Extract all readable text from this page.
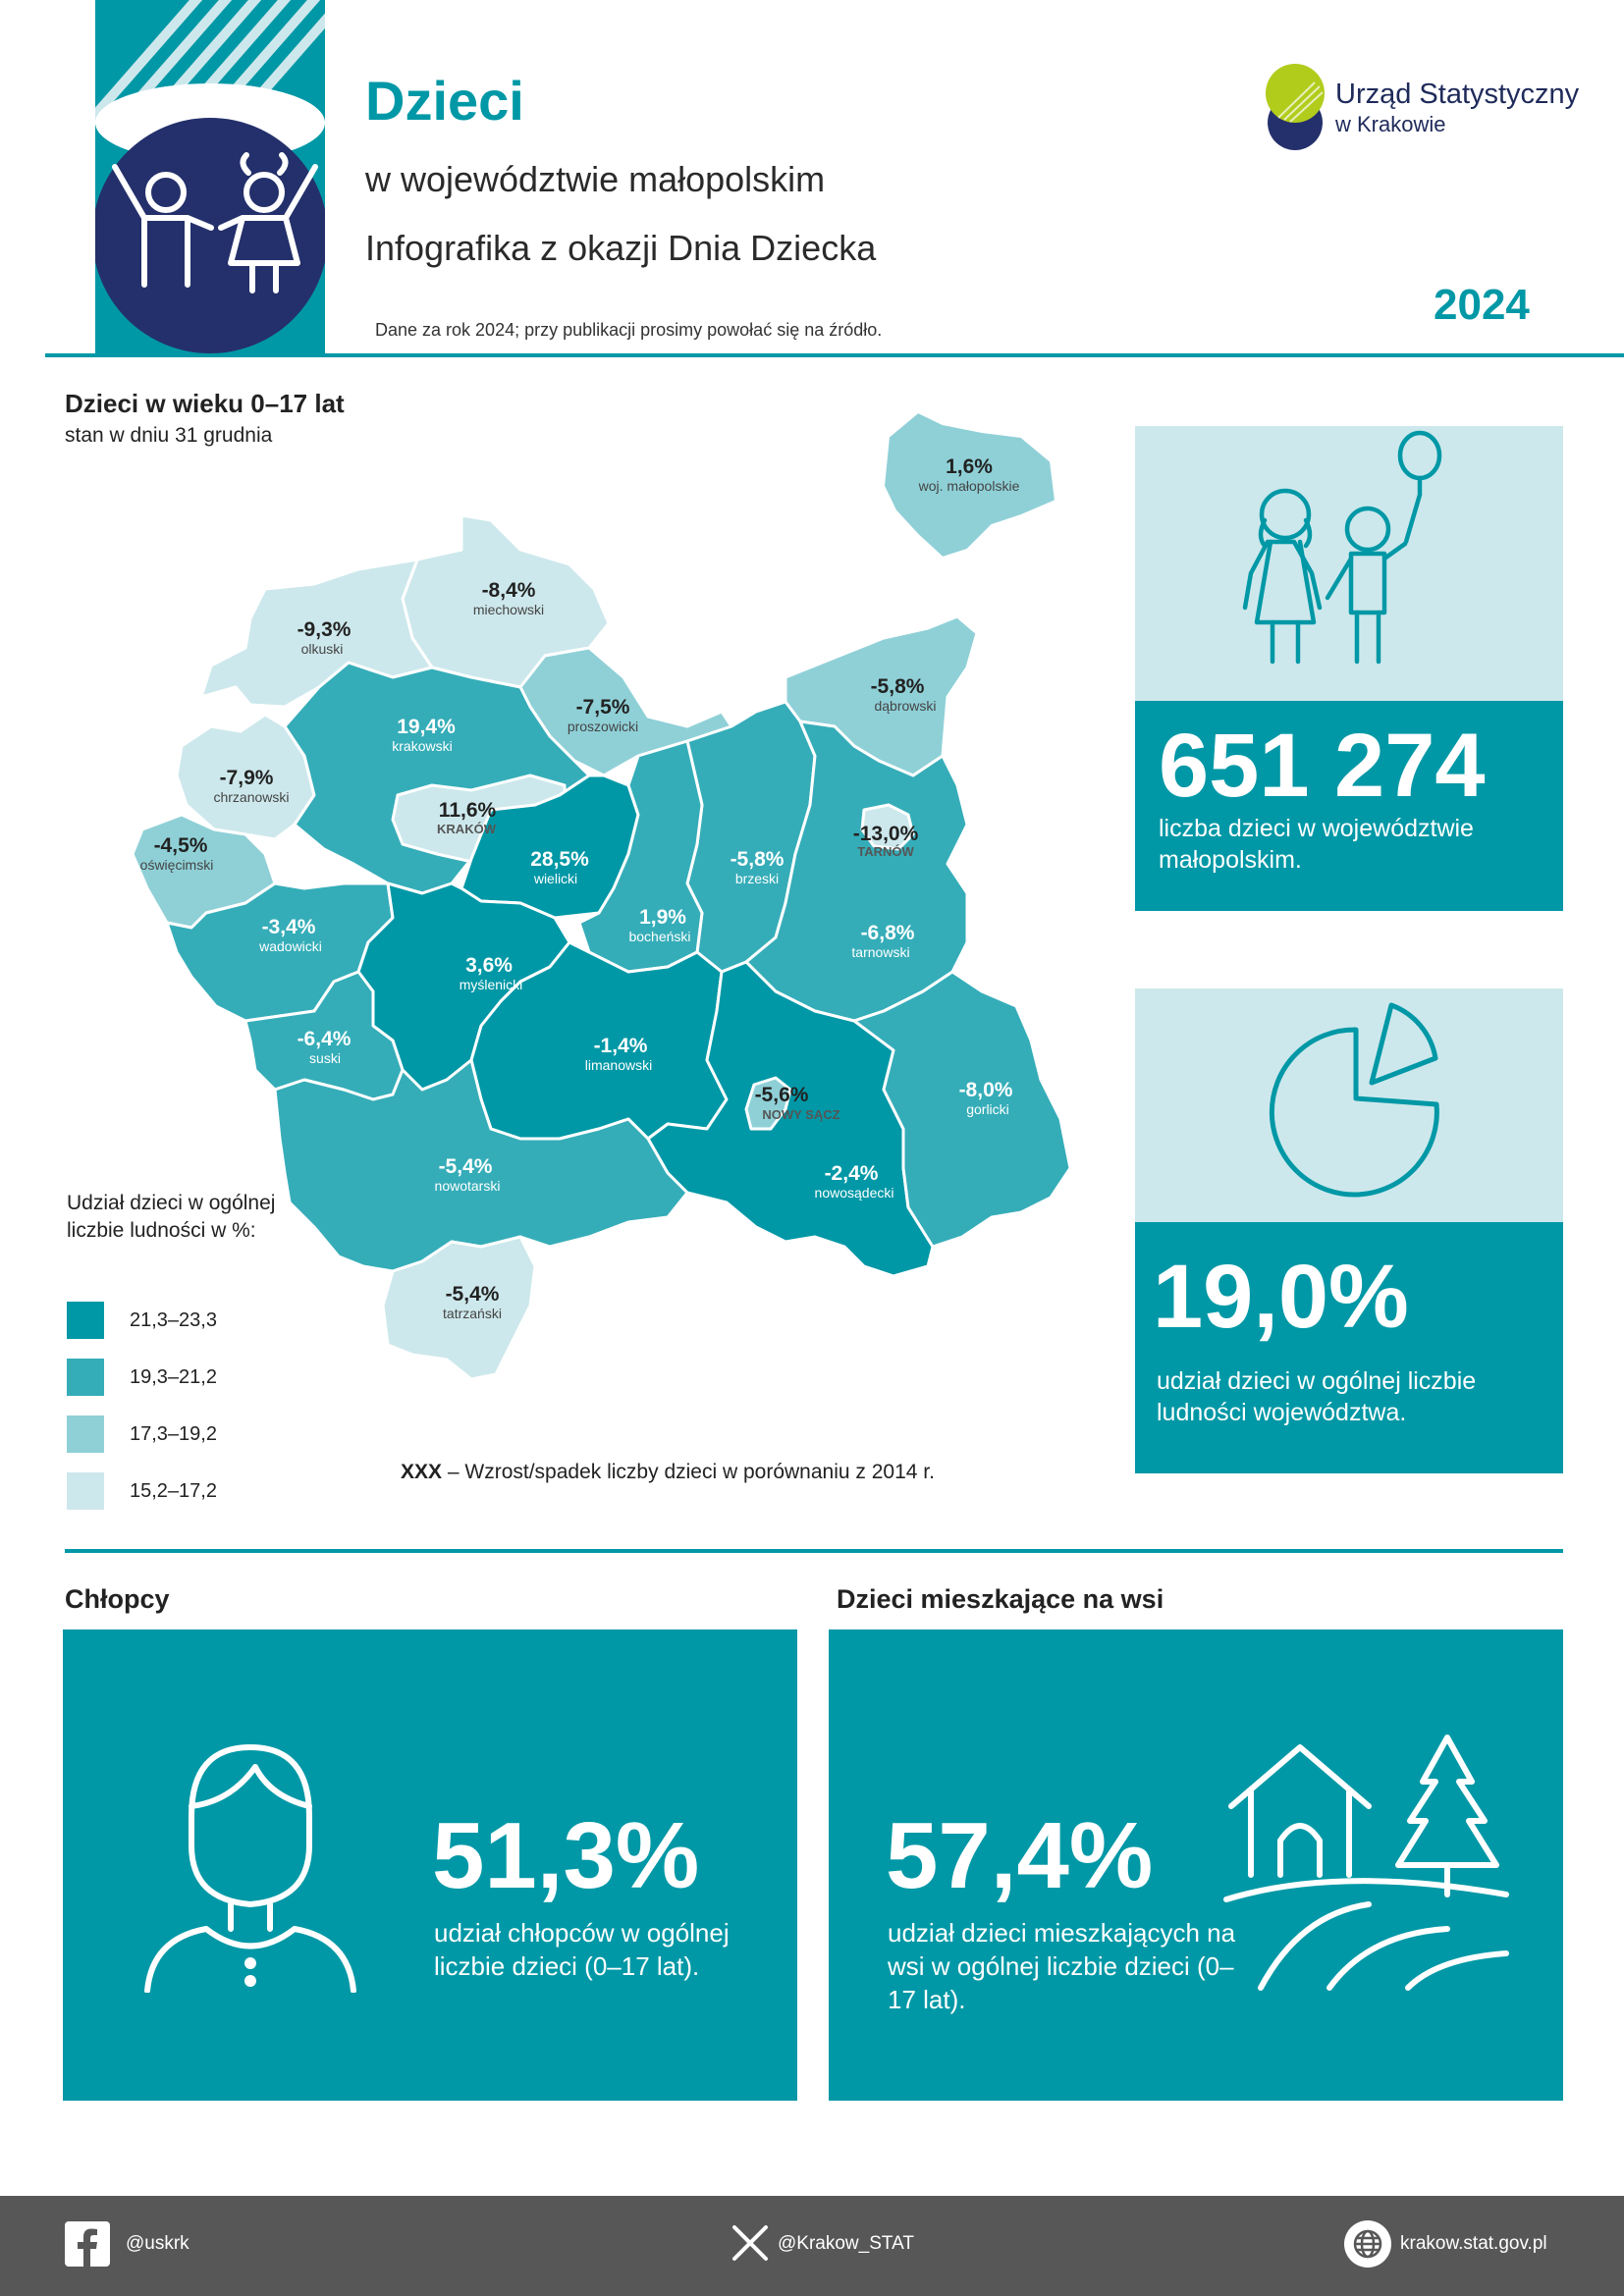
Dzieci
w województwie małopolskim
Infografika z okazji Dnia Dziecka
Dane za rok 2024; przy publikacji prosimy powołać się na źródło.
2024
Urząd Statystyczny
w Krakowie
Dzieci w wieku 0–17 lat
stan w dniu 31 grudnia
1,6%
woj. małopolskie
-8,4%
miechowski
-9,3%
olkuski
19,4%
krakowski
-7,5%
proszowicki
-5,8%
dąbrowski
-7,9%
chrzanowski
11,6%
KRAKÓW
-4,5%
oświęcimski	28,5%
wielicki
-5,8%
brzeski
-13,0%
TARNÓW
-3,4%
wadowicki
1,9%
bocheński	-6,8%
tarnowski
3,6%
myślenicki
-6,4%
suski
-1,4%
limanowski
-5,6%
NOWY SĄCZ
-8,0%
gorlicki
-2,4%
nowosądecki
-5,4%
nowotarski
-5,4%
tatrzański
Udział dzieci w ogólnej liczbie ludności w %:
21,3–23,3
19,3–21,2
17,3–19,2
15,2–17,2
XXX – Wzrost/spadek liczby dzieci w porównaniu z 2014 r.
651 274
liczba dzieci w województwie małopolskim.
19,0%
udział dzieci w ogólnej liczbie ludności województwa.
Chłopcy
51,3%
udział chłopców w ogólnej liczbie dzieci (0–17 lat).
Dzieci mieszkające na wsi
57,4%
udział dzieci mieszkających na wsi w ogólnej liczbie dzieci (0–17 lat).
@uskrk	@Krakow_STAT	krakow.stat.gov.pl
